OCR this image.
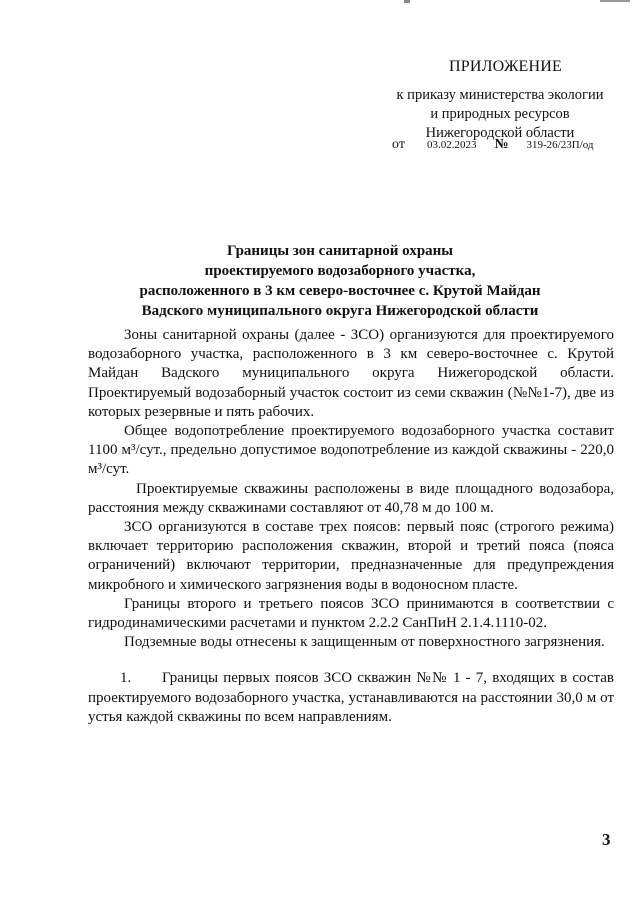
ПРИЛОЖЕНИЕ
к приказу министерства экологии
и природных ресурсов
Нижегородской области
от 03.02.2023 № 319-26/23П/од
Границы зон санитарной охраны
проектируемого водозаборного участка,
расположенного в 3 км северо-восточнее с. Крутой Майдан
Вадского муниципального округа Нижегородской области

Зоны санитарной охраны (далее - ЗСО) организуются для проектируемого водозаборного участка, расположенного в 3 км северо-восточнее с. Крутой Майдан Вадского муниципального округа Нижегородской области. Проектируемый водозаборный участок состоит из семи скважин (№№1-7), две из которых резервные и пять рабочих.

Общее водопотребление проектируемого водозаборного участка составит 1100 м³/сут., предельно допустимое водопотребление из каждой скважины - 220,0 м³/сут.

Проектируемые скважины расположены в виде площадного водозабора, расстояния между скважинами составляют от 40,78 м до 100 м.

ЗСО организуются в составе трех поясов: первый пояс (строгого режима) включает территорию расположения скважин, второй и третий пояса (пояса ограничений) включают территории, предназначенные для предупреждения микробного и химического загрязнения воды в водоносном пласте.

Границы второго и третьего поясов ЗСО принимаются в соответствии с гидродинамическими расчетами и пунктом 2.2.2 СанПиН 2.1.4.1110-02.

Подземные воды отнесены к защищенным от поверхностного загрязнения.

1. Границы первых поясов ЗСО скважин №№ 1 - 7, входящих в состав проектируемого водозаборного участка, устанавливаются на расстоянии 30,0 м от устья каждой скважины по всем направлениям.

3
